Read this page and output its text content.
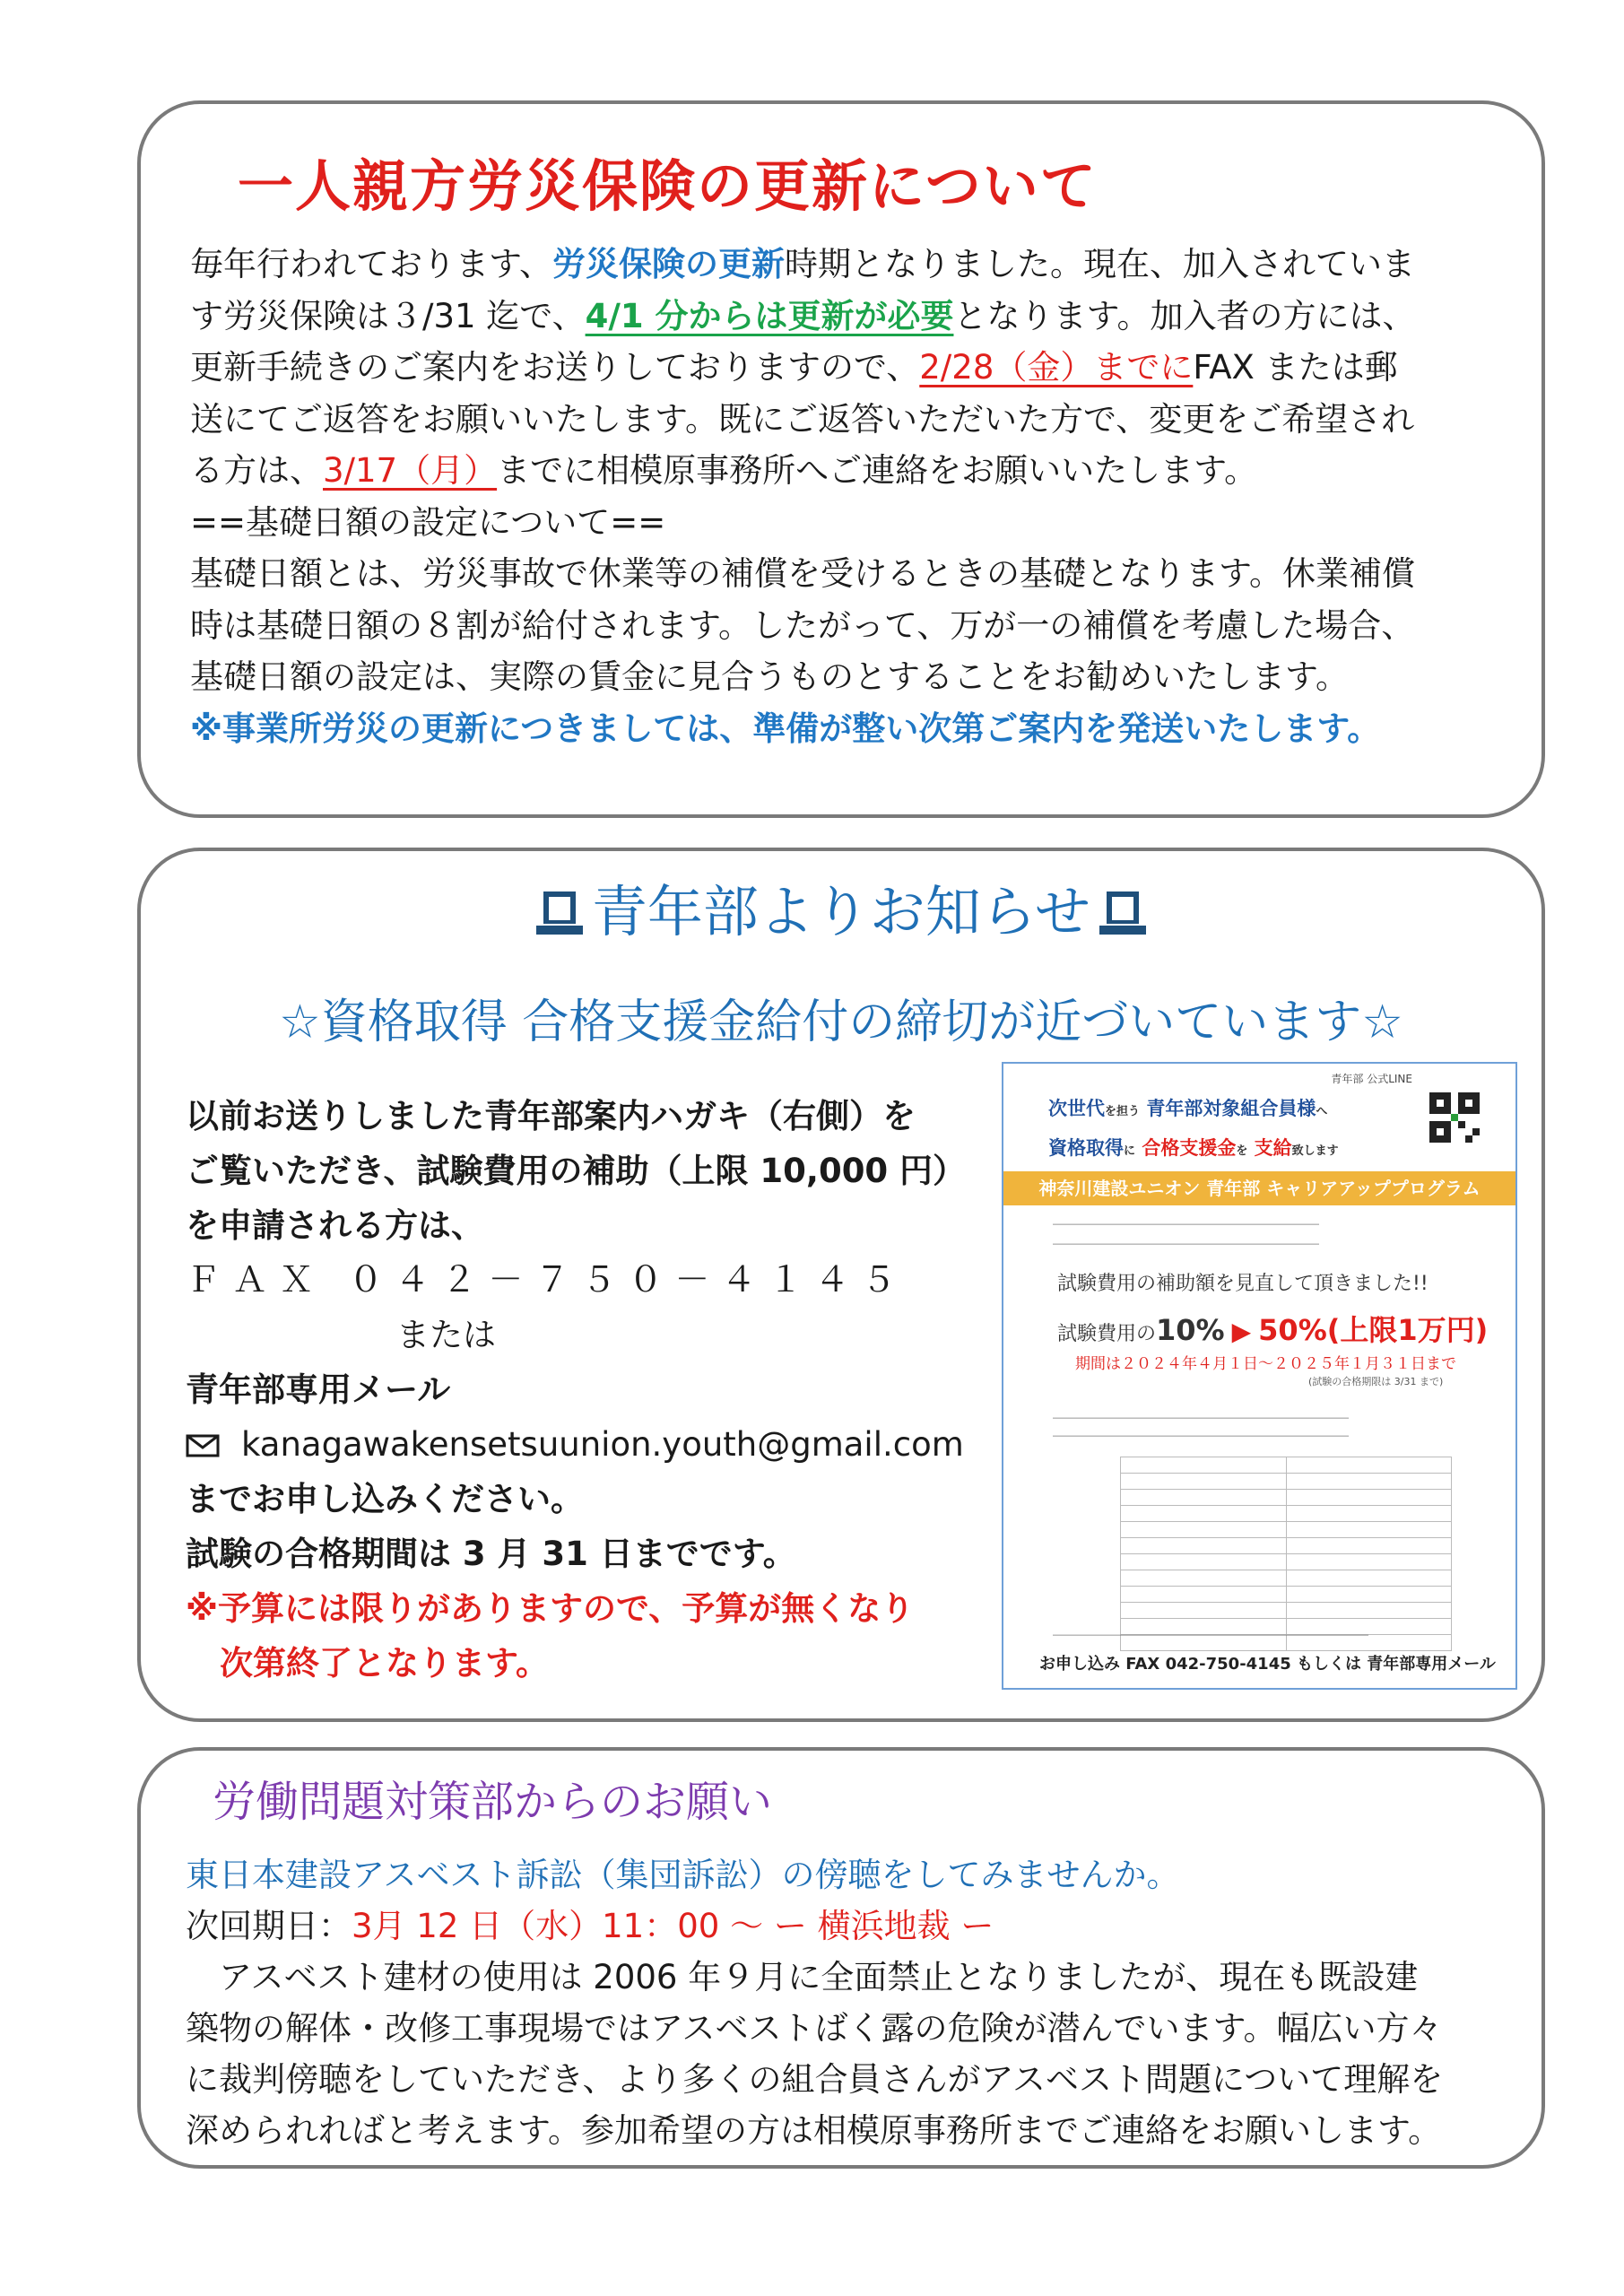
一人親方労災保険の更新について
毎年行われております、労災保険の更新時期となりました。現在、加入されていま
す労災保険は３/31 迄で、4/1 分からは更新が必要となります。加入者の方には、
更新手続きのご案内をお送りしておりますので、2/28（金）までにFAX または郵
送にてご返答をお願いいたします。既にご返答いただいた方で、変更をご希望され
る方は、3/17（月）までに相模原事務所へご連絡をお願いいたします。
==基礎日額の設定について==
基礎日額とは、労災事故で休業等の補償を受けるときの基礎となります。休業補償
時は基礎日額の８割が給付されます。したがって、万が一の補償を考慮した場合、
基礎日額の設定は、実際の賃金に見合うものとすることをお勧めいたします。
※事業所労災の更新につきましては、準備が整い次第ご案内を発送いたします。
青年部よりお知らせ
☆資格取得 合格支援金給付の締切が近づいています☆
以前お送りしました青年部案内ハガキ（右側）を
ご覧いただき、試験費用の補助（上限 10,000 円）
を申請される方は、
ＦＡＸ ０４２－７５０－４１４５
または
青年部専用メール
kanagawakensetsuunion.youth@gmail.com
までお申し込みください。
試験の合格期間は 3 月 31 日までです。
※予算には限りがありますので、予算が無くなり
次第終了となります。
青年部 公式LINE
次世代を担う 青年部対象組合員様へ
資格取得に 合格支援金を 支給致します
神奈川建設ユニオン 青年部 キャリアアッププログラム
―――――――――――――――――――――――――――
―――――――――――――――――――――――――――
試験費用の補助額を見直して頂きました!!
試験費用の10% ▶ 50%(上限1万円)
期間は２０２４年４月１日〜２０２５年１月３１日まで
(試験の合格期限は 3/31 まで)
――――――――――――――――――――――――――――――
――――――――――――――――――――――――――――――

――――――――――――――――――――――――――――――――
お申し込み FAX 042-750-4145 もしくは 青年部専用メール
労働問題対策部からのお願い
東日本建設アスベスト訴訟（集団訴訟）の傍聴をしてみませんか。
次回期日：3月 12 日（水）11：00 〜 ー 横浜地裁 ー
アスベスト建材の使用は 2006 年９月に全面禁止となりましたが、現在も既設建
築物の解体・改修工事現場ではアスベストばく露の危険が潜んでいます。幅広い方々
に裁判傍聴をしていただき、より多くの組合員さんがアスベスト問題について理解を
深められればと考えます。参加希望の方は相模原事務所までご連絡をお願いします。
